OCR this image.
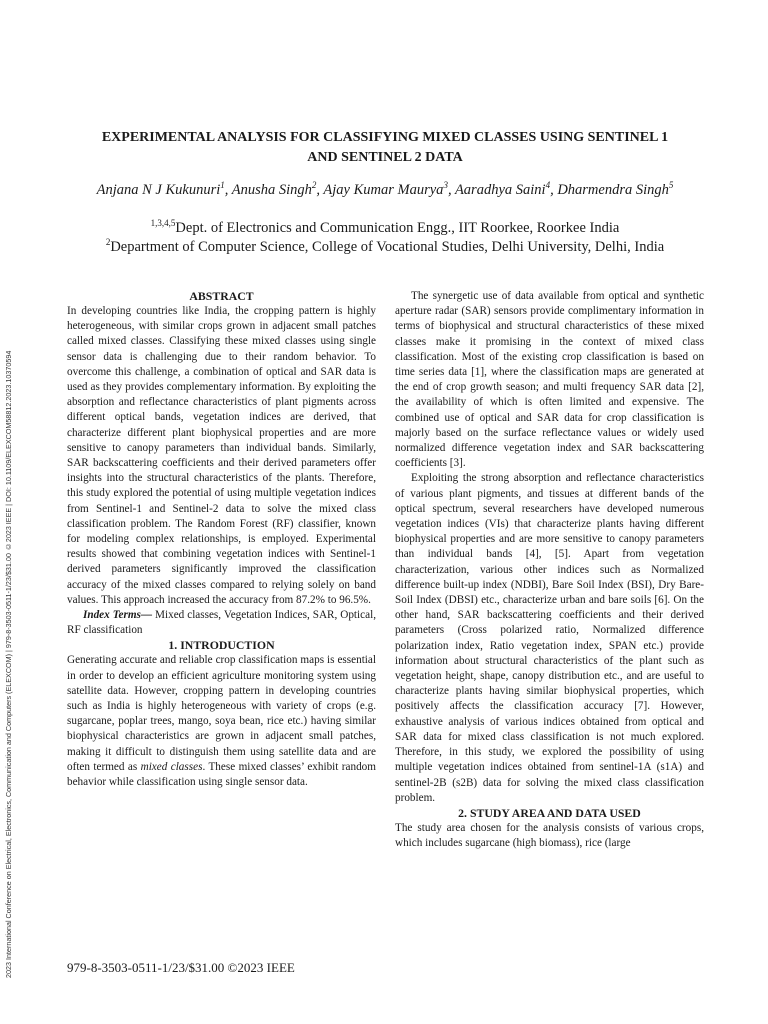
2023 International Conference on Electrical, Electronics, Communication and Computers (ELEXCOM) | 979-8-3503-0511-1/23/$31.00 ©2023 IEEE | DOI: 10.1109/ELEXCOM58812.2023.10370594
EXPERIMENTAL ANALYSIS FOR CLASSIFYING MIXED CLASSES USING SENTINEL 1
AND SENTINEL 2 DATA
Anjana N J Kukunuri$^1$, Anusha Singh$^2$, Ajay Kumar Maurya$^3$, Aaradhya Saini$^4$, Dharmendra Singh$^5$
$^{1,3,4,5}$Dept. of Electronics and Communication Engg., IIT Roorkee, Roorkee India
$^2$Department of Computer Science, College of Vocational Studies, Delhi University, Delhi, India

ABSTRACT

In developing countries like India, the cropping pattern is highly heterogeneous, with similar crops grown in adjacent small patches called mixed classes. Classifying these mixed classes using single sensor data is challenging due to their random behavior. To overcome this challenge, a combination of optical and SAR data is used as they provides complementary information. By exploiting the absorption and reflectance characteristics of plant pigments across different optical bands, vegetation indices are derived, that characterize different plant biophysical properties and are more sensitive to canopy parameters than individual bands. Similarly, SAR backscattering coefficients and their derived parameters offer insights into the structural characteristics of the plants. Therefore, this study explored the potential of using multiple vegetation indices from Sentinel-1 and Sentinel-2 data to solve the mixed class classification problem. The Random Forest (RF) classifier, known for modeling complex relationships, is employed. Experimental results showed that combining vegetation indices with Sentinel-1 derived parameters significantly improved the classification accuracy of the mixed classes compared to relying solely on band values. This approach increased the accuracy from 87.2% to 96.5%.

Index Terms— Mixed classes, Vegetation Indices, SAR, Optical, RF classification

1. INTRODUCTION

Generating accurate and reliable crop classification maps is essential in order to develop an efficient agriculture monitoring system using satellite data. However, cropping pattern in developing countries such as India is highly heterogeneous with variety of crops (e.g. sugarcane, poplar trees, mango, soya bean, rice etc.) having similar biophysical characteristics are grown in adjacent small patches, making it difficult to distinguish them using satellite data and are often termed as mixed classes. These mixed classes’ exhibit random behavior while classification using single sensor data.

The synergetic use of data available from optical and synthetic aperture radar (SAR) sensors provide complimentary information in terms of biophysical and structural characteristics of these mixed classes make it promising in the context of mixed class classification. Most of the existing crop classification is based on time series data [1], where the classification maps are generated at the end of crop growth season; and multi frequency SAR data [2], the availability of which is often limited and expensive. The combined use of optical and SAR data for crop classification is majorly based on the surface reflectance values or widely used normalized difference vegetation index and SAR backscattering coefficients [3].

Exploiting the strong absorption and reflectance characteristics of various plant pigments, and tissues at different bands of the optical spectrum, several researchers have developed numerous vegetation indices (VIs) that characterize plants having different biophysical properties and are more sensitive to canopy parameters than individual bands [4], [5]. Apart from vegetation characterization, various other indices such as Normalized difference built-up index (NDBI), Bare Soil Index (BSI), Dry Bare-Soil Index (DBSI) etc., characterize urban and bare soils [6]. On the other hand, SAR backscattering coefficients and their derived parameters (Cross polarized ratio, Normalized difference polarization index, Ratio vegetation index, SPAN etc.) provide information about structural characteristics of the plant such as vegetation height, shape, canopy distribution etc., and are useful to characterize plants having similar biophysical properties, which positively affects the classification accuracy [7]. However, exhaustive analysis of various indices obtained from optical and SAR data for mixed class classification is not much explored. Therefore, in this study, we explored the possibility of using multiple vegetation indices obtained from sentinel-1A (s1A) and sentinel-2B (s2B) data for solving the mixed class classification problem.

2. STUDY AREA AND DATA USED

The study area chosen for the analysis consists of various crops, which includes sugarcane (high biomass), rice (large

979-8-3503-0511-1/23/$31.00 ©2023 IEEE
